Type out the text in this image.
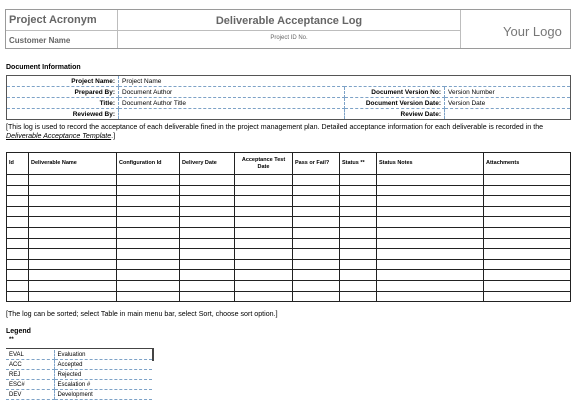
Project Acronym
Customer Name
Deliverable Acceptance Log
Project ID No.	Your Logo
Document Information
Project Name:	Project Name		
Prepared By:	Document Author	Document Version No:	Version Number
Title:	Document Author Title	Document Version Date:	Version Date
Reviewed By:		Review Date:	
[This log is used to record the acceptance of each deliverable fined in the project management plan. Detailed acceptance information for each deliverable is recorded in the Deliverable Acceptance Template.]
Id	Deliverable Name	Configuration Id	Delivery Date	Acceptance Test Date	Pass or Fail?	Status **	Status Notes	Attachments

[The log can be sorted; select Table in main menu bar, select Sort, choose sort option.]
Legend
**
EVAL	Evaluation
ACC	Accepted
REJ	Rejected
ESC#	Escalation #
DEV	Development
